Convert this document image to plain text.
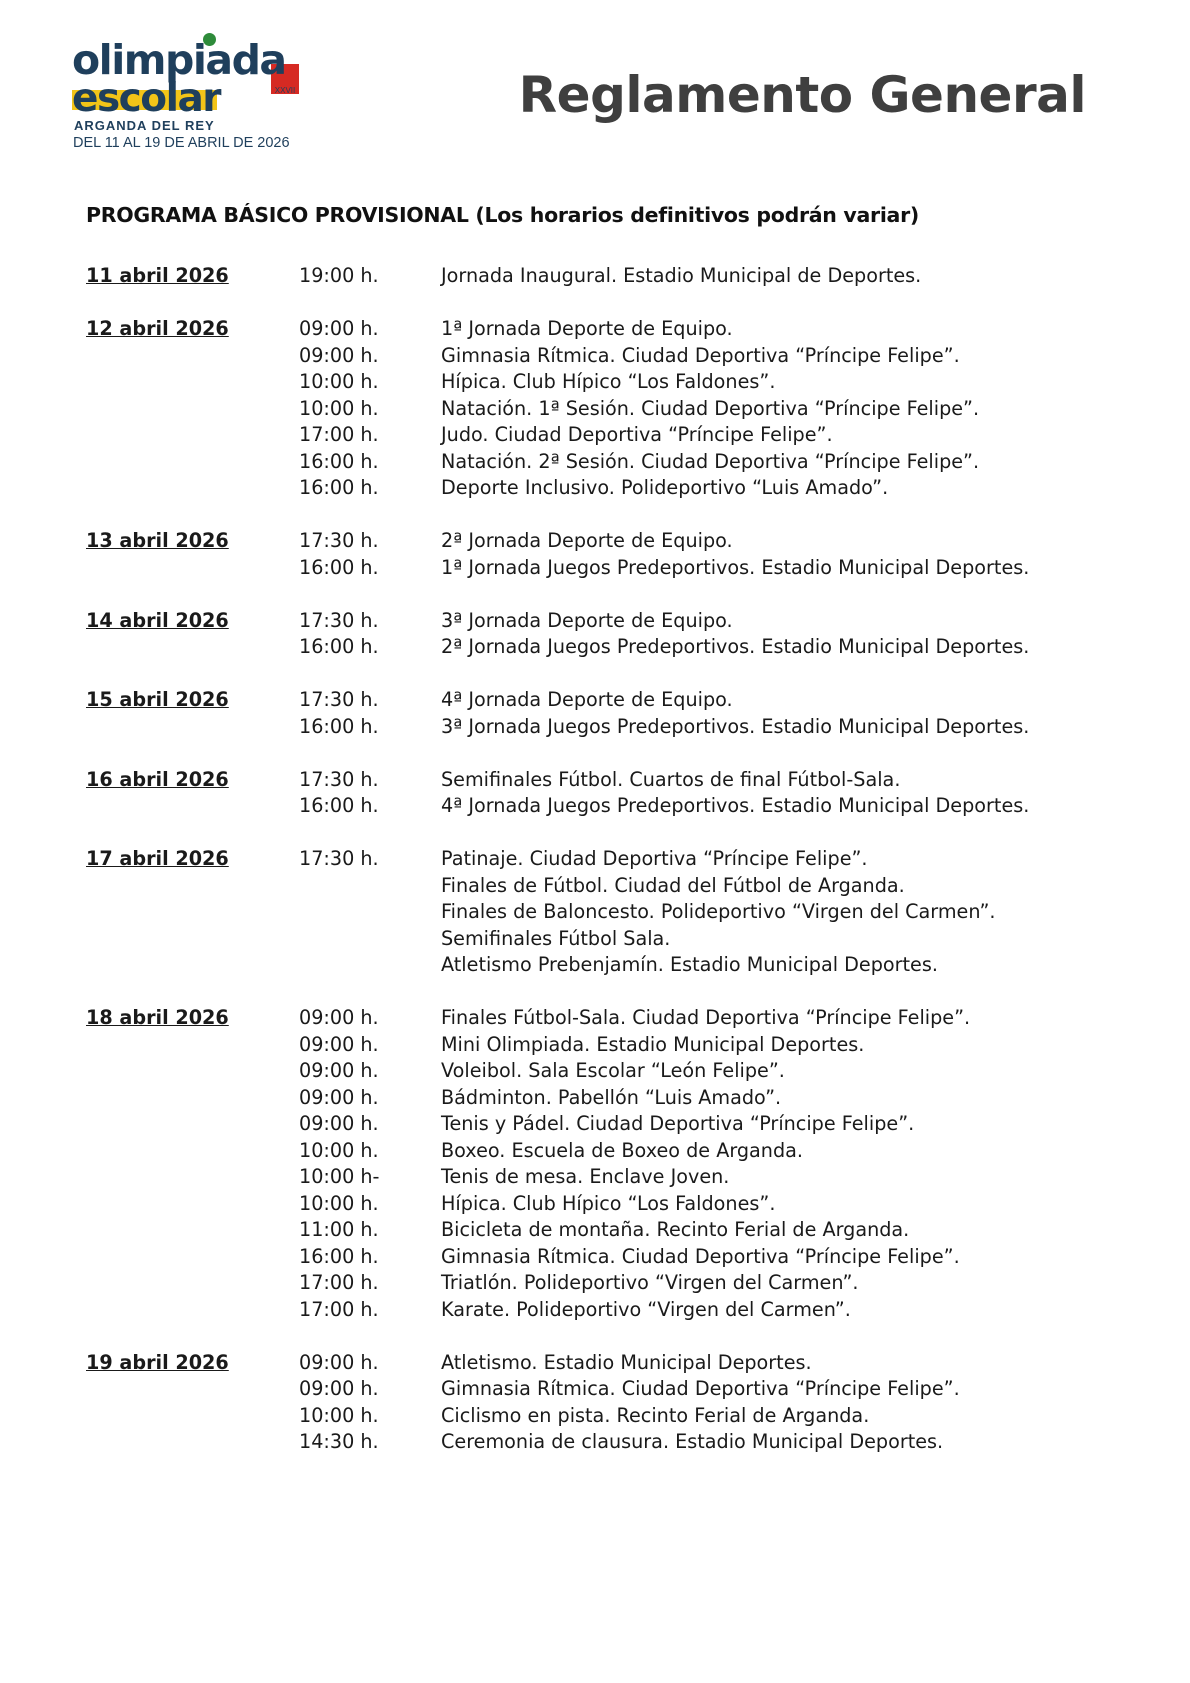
olimpiada
escolar	XXVII
ARGANDA DEL REY
DEL 11 AL 19 DE ABRIL DE 2026
Reglamento General
PROGRAMA BÁSICO PROVISIONAL (Los horarios definitivos podrán variar)
11 abril 2026	19:00 h.	Jornada Inaugural. Estadio Municipal de Deportes.
12 abril 2026	09:00 h.	1ª Jornada Deporte de Equipo.
09:00 h.	Gimnasia Rítmica. Ciudad Deportiva “Príncipe Felipe”.
10:00 h.	Hípica. Club Hípico “Los Faldones”.
10:00 h.	Natación. 1ª Sesión. Ciudad Deportiva “Príncipe Felipe”.
17:00 h.	Judo. Ciudad Deportiva “Príncipe Felipe”.
16:00 h.	Natación. 2ª Sesión. Ciudad Deportiva “Príncipe Felipe”.
16:00 h.	Deporte Inclusivo. Polideportivo “Luis Amado”.
13 abril 2026	17:30 h.	2ª Jornada Deporte de Equipo.
16:00 h.	1ª Jornada Juegos Predeportivos. Estadio Municipal Deportes.
14 abril 2026	17:30 h.	3ª Jornada Deporte de Equipo.
16:00 h.	2ª Jornada Juegos Predeportivos. Estadio Municipal Deportes.
15 abril 2026	17:30 h.	4ª Jornada Deporte de Equipo.
16:00 h.	3ª Jornada Juegos Predeportivos. Estadio Municipal Deportes.
16 abril 2026	17:30 h.	Semifinales Fútbol. Cuartos de final Fútbol-Sala.
16:00 h.	4ª Jornada Juegos Predeportivos. Estadio Municipal Deportes.
17 abril 2026	17:30 h.	Patinaje. Ciudad Deportiva “Príncipe Felipe”.
Finales de Fútbol. Ciudad del Fútbol de Arganda.
Finales de Baloncesto. Polideportivo “Virgen del Carmen”.
Semifinales Fútbol Sala.
Atletismo Prebenjamín. Estadio Municipal Deportes.
18 abril 2026	09:00 h.	Finales Fútbol-Sala. Ciudad Deportiva “Príncipe Felipe”.
09:00 h.	Mini Olimpiada. Estadio Municipal Deportes.
09:00 h.	Voleibol. Sala Escolar “León Felipe”.
09:00 h.	Bádminton. Pabellón “Luis Amado”.
09:00 h.	Tenis y Pádel. Ciudad Deportiva “Príncipe Felipe”.
10:00 h.	Boxeo. Escuela de Boxeo de Arganda.
10:00 h-	Tenis de mesa. Enclave Joven.
10:00 h.	Hípica. Club Hípico “Los Faldones”.
11:00 h.	Bicicleta de montaña. Recinto Ferial de Arganda.
16:00 h.	Gimnasia Rítmica. Ciudad Deportiva “Príncipe Felipe”.
17:00 h.	Triatlón. Polideportivo “Virgen del Carmen”.
17:00 h.	Karate. Polideportivo “Virgen del Carmen”.
19 abril 2026	09:00 h.	Atletismo. Estadio Municipal Deportes.
09:00 h.	Gimnasia Rítmica. Ciudad Deportiva “Príncipe Felipe”.
10:00 h.	Ciclismo en pista. Recinto Ferial de Arganda.
14:30 h.	Ceremonia de clausura. Estadio Municipal Deportes.
